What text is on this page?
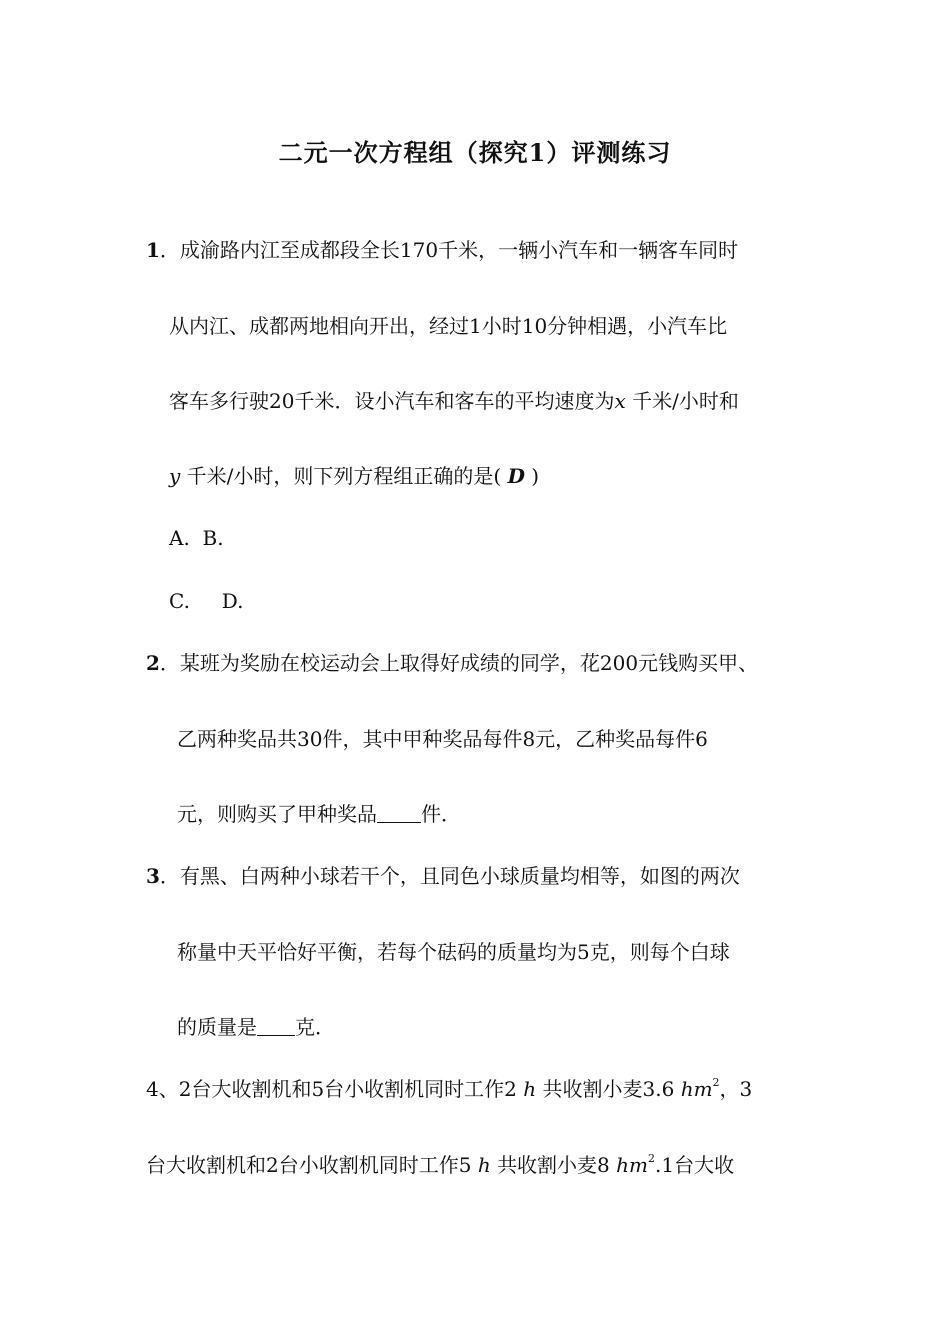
二元一次方程组（探究1）评测练习
1．成渝路内江至成都段全长170千米，一辆小汽车和一辆客车同时
从内江、成都两地相向开出，经过1小时10分钟相遇，小汽车比
客车多行驶20千米．设小汽车和客车的平均速度为x 千米/小时和
y 千米/小时，则下列方程组正确的是( D )
A. B.
C. D.
2．某班为奖励在校运动会上取得好成绩的同学，花200元钱购买甲、
乙两种奖品共30件，其中甲种奖品每件8元，乙种奖品每件6
元，则购买了甲种奖品 件．
3．有黑、白两种小球若干个，且同色小球质量均相等，如图的两次
称量中天平恰好平衡，若每个砝码的质量均为5克，则每个白球
的质量是 克．
4、2台大收割机和5台小收割机同时工作2 h 共收割小麦3.6 $hm^2$，3
台大收割机和2台小收割机同时工作5 h 共收割小麦8 $hm^2.1$台大收
